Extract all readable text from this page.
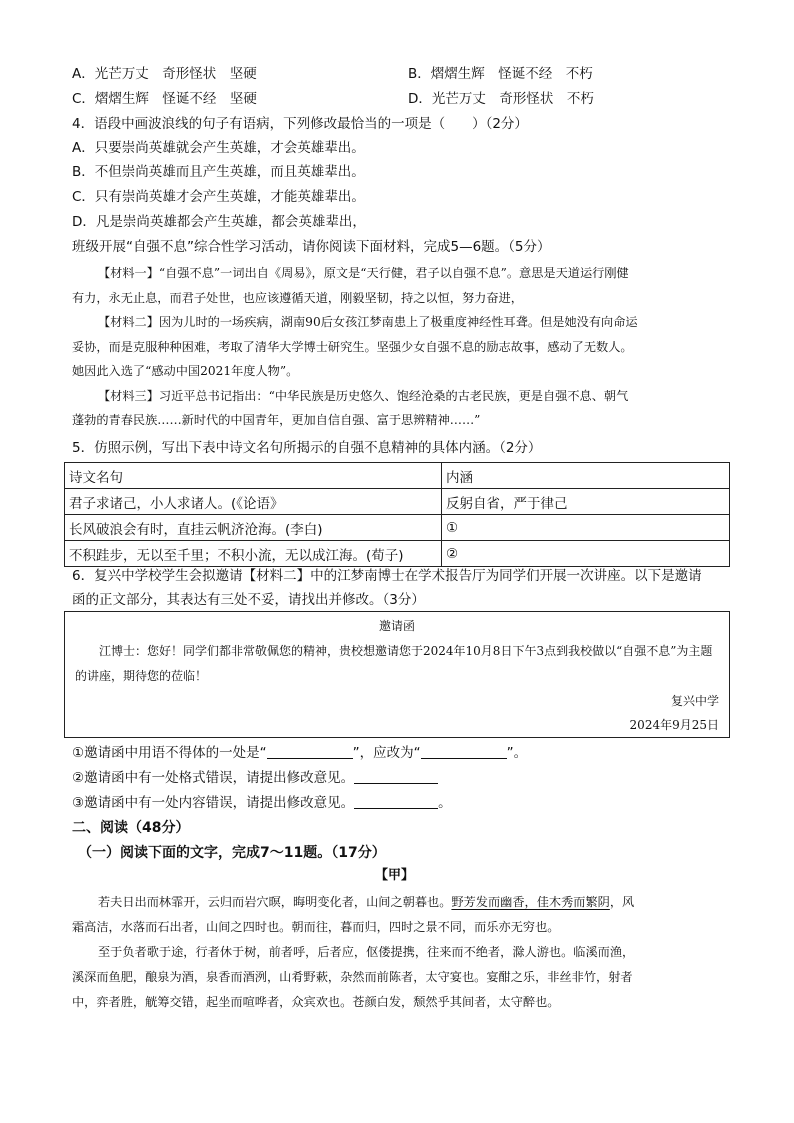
A．光芒万丈　奇形怪状　坚硬	B．熠熠生辉　怪诞不经　不朽
C．熠熠生辉　怪诞不经　坚硬	D．光芒万丈　奇形怪状　不朽
4．语段中画波浪线的句子有语病，下列修改最恰当的一项是（　　）（2分）
A．只要崇尚英雄就会产生英雄，才会英雄辈出。
B．不但崇尚英雄而且产生英雄，而且英雄辈出。
C．只有崇尚英雄才会产生英雄，才能英雄辈出。
D．凡是崇尚英雄都会产生英雄，都会英雄辈出，
班级开展“自强不息”综合性学习活动，请你阅读下面材料，完成5—6题。（5分）

【材料一】“自强不息”一词出自《周易》，原文是“天行健，君子以自强不息”。意思是天道运行刚健

有力，永无止息，而君子处世，也应该遵循天道，刚毅坚韧，持之以恒，努力奋进，

【材料二】因为儿时的一场疾病，湖南90后女孩江梦南患上了极重度神经性耳聋。但是她没有向命运

妥协，而是克服种种困难，考取了清华大学博士研究生。坚强少女自强不息的励志故事，感动了无数人。

她因此入选了“感动中国2021年度人物”。

【材料三】习近平总书记指出：“中华民族是历史悠久、饱经沧桑的古老民族，更是自强不息、朝气

蓬勃的青春民族……新时代的中国青年，更加自信自强、富于思辨精神……”

5．仿照示例，写出下表中诗文名句所揭示的自强不息精神的具体内涵。（2分）
诗文名句	内涵
君子求诸己，小人求诸人。(《论语》	反躬自省，严于律己
长风破浪会有时，直挂云帆济沧海。(李白)	①
不积跬步，无以至千里；不积小流，无以成江海。(荀子)	②
6．复兴中学校学生会拟邀请【材料二】中的江梦南博士在学术报告厅为同学们开展一次讲座。以下是邀请
函的正文部分，其表达有三处不妥，请找出并修改。（3分）
邀请函
江博士：您好！同学们都非常敬佩您的精神，贵校想邀请您于2024年10月8日下午3点到我校做以“自强不息”为主题的讲座，期待您的莅临！
复兴中学
2024年9月25日
①邀请函中用语不得体的一处是“	”，应改为“	”。
②邀请函中有一处格式错误，请提出修改意见。
③邀请函中有一处内容错误，请提出修改意见。	。
二、阅读（48分）
（一）阅读下面的文字，完成7～11题。（17分）
【甲】

若夫日出而林霏开，云归而岩穴暝，晦明变化者，山间之朝暮也。野芳发而幽香，佳木秀而繁阴，风

霜高洁，水落而石出者，山间之四时也。朝而往，暮而归，四时之景不同，而乐亦无穷也。

至于负者歌于途，行者休于树，前者呼，后者应，伛偻提携，往来而不绝者，滁人游也。临溪而渔，

溪深而鱼肥，酿泉为酒，泉香而酒洌，山肴野蔌，杂然而前陈者，太守宴也。宴酣之乐，非丝非竹，射者

中，弈者胜，觥筹交错，起坐而喧哗者，众宾欢也。苍颜白发，颓然乎其间者，太守醉也。
